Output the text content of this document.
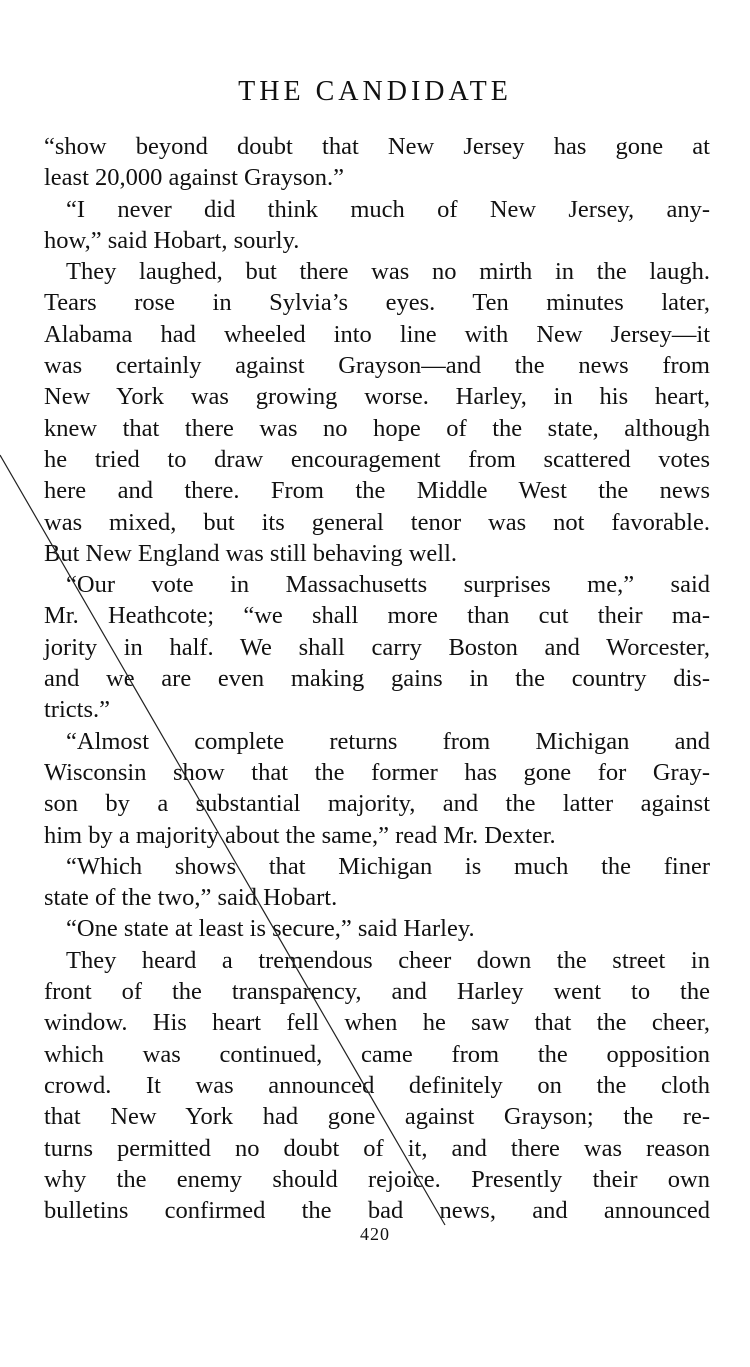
THE CANDIDATE
“show beyond doubt that New Jersey has gone at
least 20,000 against Grayson.”
“I never did think much of New Jersey, any-
how,” said Hobart, sourly.
They laughed, but there was no mirth in the laugh.
Tears rose in Sylvia’s eyes. Ten minutes later,
Alabama had wheeled into line with New Jersey—it
was certainly against Grayson—and the news from
New York was growing worse. Harley, in his heart,
knew that there was no hope of the state, although
he tried to draw encouragement from scattered votes
here and there. From the Middle West the news
was mixed, but its general tenor was not favorable.
But New England was still behaving well.
“Our vote in Massachusetts surprises me,” said
Mr. Heathcote; “we shall more than cut their ma-
jority in half. We shall carry Boston and Worcester,
and we are even making gains in the country dis-
tricts.”
“Almost complete returns from Michigan and
Wisconsin show that the former has gone for Gray-
son by a substantial majority, and the latter against
him by a majority about the same,” read Mr. Dexter.
“Which shows that Michigan is much the finer
state of the two,” said Hobart.
“One state at least is secure,” said Harley.
They heard a tremendous cheer down the street in
front of the transparency, and Harley went to the
window. His heart fell when he saw that the cheer,
which was continued, came from the opposition
crowd. It was announced definitely on the cloth
that New York had gone against Grayson; the re-
turns permitted no doubt of it, and there was reason
why the enemy should rejoice. Presently their own
bulletins confirmed the bad news, and announced
420
